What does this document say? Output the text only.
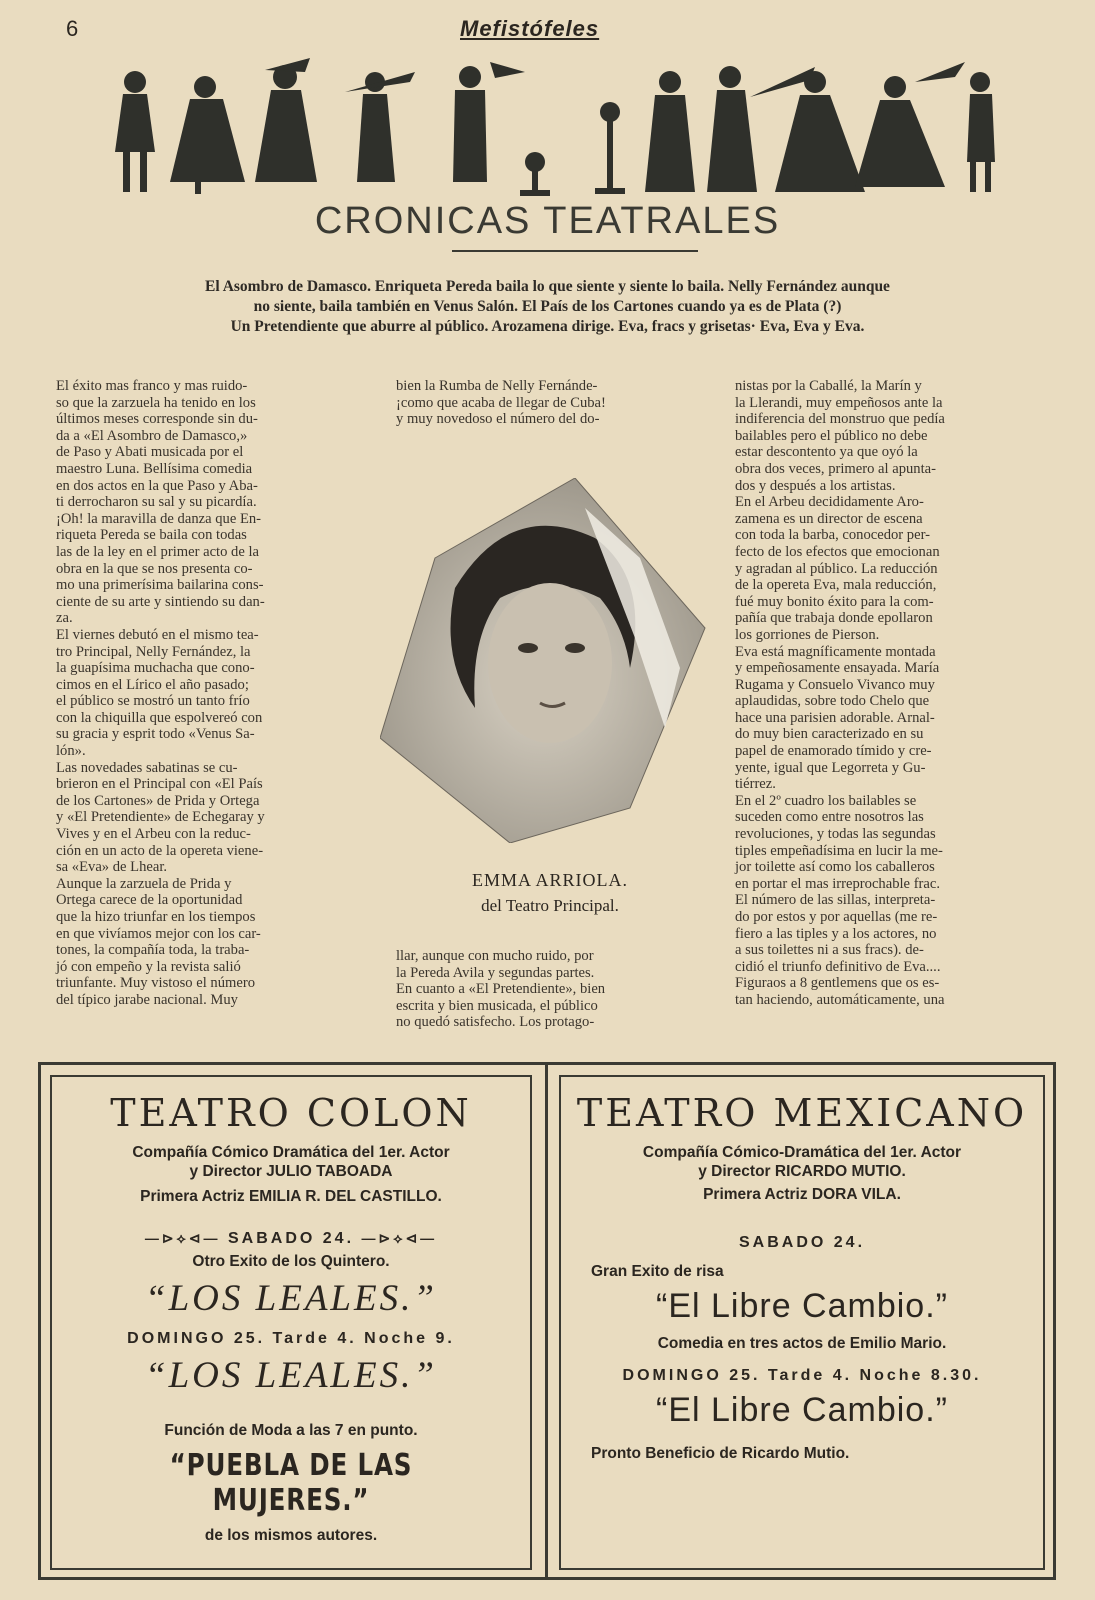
6	Mefistófeles
CRONICAS TEATRALES
El Asombro de Damasco. Enriqueta Pereda baila lo que siente y siente lo baila. Nelly Fernández aunque
no siente, baila también en Venus Salón. El País de los Cartones cuando ya es de Plata (?)
Un Pretendiente que aburre al público. Arozamena dirige. Eva, fracs y grisetas· Eva, Eva y Eva.
El éxito mas franco y mas ruido-
so que la zarzuela ha tenido en los
últimos meses corresponde sin du-
da a «El Asombro de Damasco,»
de Paso y Abati musicada por el
maestro Luna. Bellísima comedia
en dos actos en la que Paso y Aba-
ti derrocharon su sal y su picardía.
¡Oh! la maravilla de danza que En-
riqueta Pereda se baila con todas
las de la ley en el primer acto de la
obra en la que se nos presenta co-
mo una primerísima bailarina cons-
ciente de su arte y sintiendo su dan-
za.
El viernes debutó en el mismo tea-
tro Principal, Nelly Fernández, la
la guapísima muchacha que cono-
cimos en el Lírico el año pasado;
el público se mostró un tanto frío
con la chiquilla que espolvereó con
su gracia y esprit todo «Venus Sa-
lón».
Las novedades sabatinas se cu-
brieron en el Principal con «El País
de los Cartones» de Prida y Ortega
y «El Pretendiente» de Echegaray y
Vives y en el Arbeu con la reduc-
ción en un acto de la opereta viene-
sa «Eva» de Lhear.
Aunque la zarzuela de Prida y
Ortega carece de la oportunidad
que la hizo triunfar en los tiempos
en que vivíamos mejor con los car-
tones, la compañía toda, la traba-
jó con empeño y la revista salió
triunfante. Muy vistoso el número
del típico jarabe nacional. Muy
bien la Rumba de Nelly Fernánde-
¡como que acaba de llegar de Cuba!
y muy novedoso el número del do-
llar, aunque con mucho ruido, por
la Pereda Avila y segundas partes.
En cuanto a «El Pretendiente», bien
escrita y bien musicada, el público
no quedó satisfecho. Los protago-
nistas por la Caballé, la Marín y
la Llerandi, muy empeñosos ante la
indiferencia del monstruo que pedía
bailables pero el público no debe
estar descontento ya que oyó la
obra dos veces, primero al apunta-
dos y después a los artistas.
En el Arbeu decididamente Aro-
zamena es un director de escena
con toda la barba, conocedor per-
fecto de los efectos que emocionan
y agradan al público. La reducción
de la opereta Eva, mala reducción,
fué muy bonito éxito para la com-
pañía que trabaja donde epollaron
los gorriones de Pierson.
Eva está magníficamente montada
y empeñosamente ensayada. María
Rugama y Consuelo Vivanco muy
aplaudidas, sobre todo Chelo que
hace una parisien adorable. Arnal-
do muy bien caracterizado en su
papel de enamorado tímido y cre-
yente, igual que Legorreta y Gu-
tiérrez.
En el 2º cuadro los bailables se
suceden como entre nosotros las
revoluciones, y todas las segundas
tiples empeñadísima en lucir la me-
jor toilette así como los caballeros
en portar el mas irreprochable frac.
El número de las sillas, interpreta-
do por estos y por aquellas (me re-
fiero a las tiples y a los actores, no
a sus toilettes ni a sus fracs). de-
cidió el triunfo definitivo de Eva....
Figuraos a 8 gentlemens que os es-
tan haciendo, automáticamente, una
EMMA ARRIOLA.
del Teatro Principal.
TEATRO COLON
Compañía Cómico Dramática del 1er. Actor
y Director JULIO TABOADA
Primera Actriz EMILIA R. DEL CASTILLO.
—⊳⟡⊲— SABADO 24. —⊳⟡⊲—
Otro Exito de los Quintero.
“LOS LEALES.”
DOMINGO 25. Tarde 4. Noche 9.
“LOS LEALES.”
Función de Moda a las 7 en punto.
“PUEBLA DE LAS MUJERES.”
de los mismos autores.
TEATRO MEXICANO
Compañía Cómico-Dramática del 1er. Actor
y Director RICARDO MUTIO.
Primera Actriz DORA VILA.
SABADO 24.
Gran Exito de risa
“El Libre Cambio.”
Comedia en tres actos de Emilio Mario.
DOMINGO 25. Tarde 4. Noche 8.30.
“El Libre Cambio.”
Pronto Beneficio de Ricardo Mutio.
